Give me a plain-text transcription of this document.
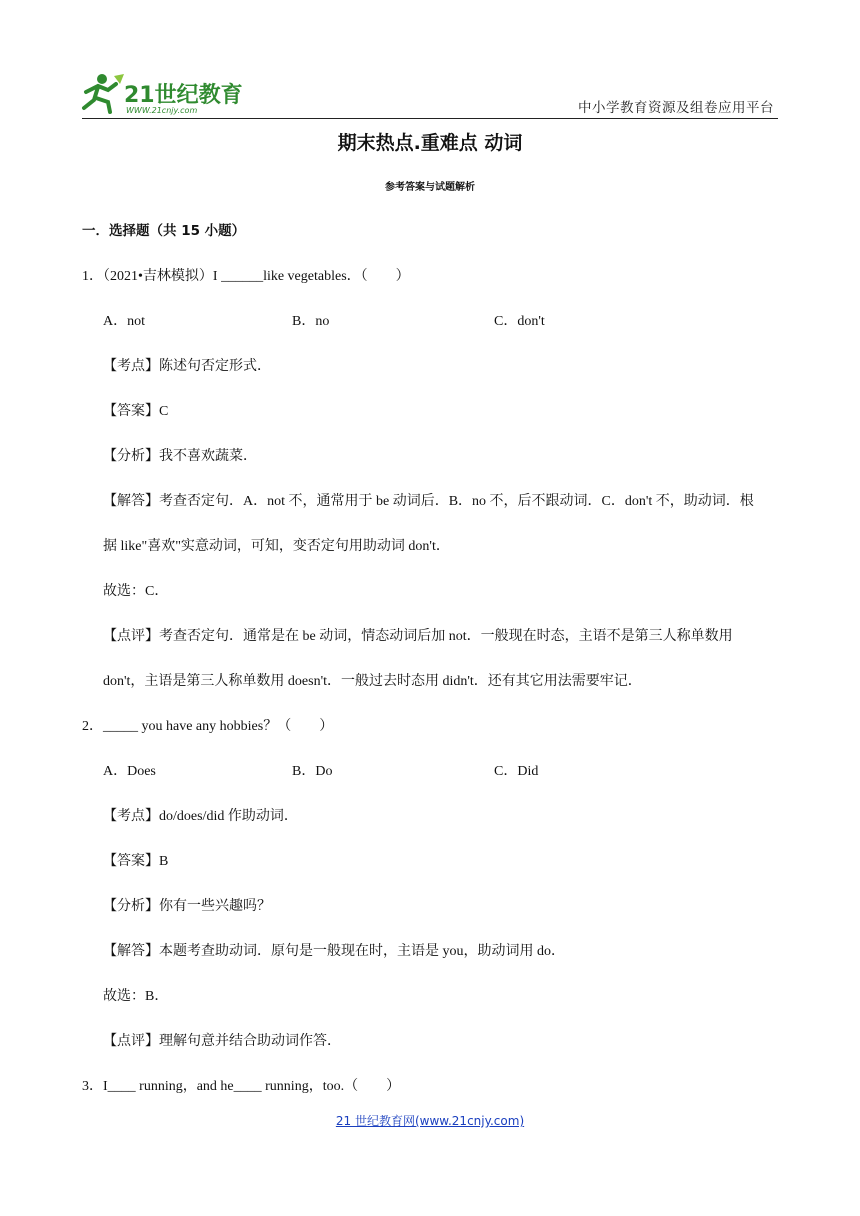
21世纪教育
WWW.21cnjy.com	中小学教育资源及组卷应用平台
期末热点.重难点 动词
参考答案与试题解析
一．选择题（共 15 小题）
1．（2021•吉林模拟）I ______like vegetables．（　　）
A．not	B．no	C．don't
【考点】陈述句否定形式．
【答案】C
【分析】我不喜欢蔬菜．
【解答】考查否定句．A．not 不，通常用于 be 动词后．B．no 不，后不跟动词．C．don't 不，助动词．根
据 like"喜欢"实意动词，可知，变否定句用助动词 don't．
故选：C．
【点评】考查否定句．通常是在 be 动词，情态动词后加 not．一般现在时态，主语不是第三人称单数用
don't，主语是第三人称单数用 doesn't．一般过去时态用 didn't．还有其它用法需要牢记．
2．_____ you have any hobbies？（　　）
A．Does	B．Do	C．Did
【考点】do/does/did 作助动词．
【答案】B
【分析】你有一些兴趣吗？
【解答】本题考查助动词．原句是一般现在时，主语是 you，助动词用 do．
故选：B．
【点评】理解句意并结合助动词作答．
3．I____ running，and he____ running，too.（　　）
21 世纪教育网(www.21cnjy.com)
